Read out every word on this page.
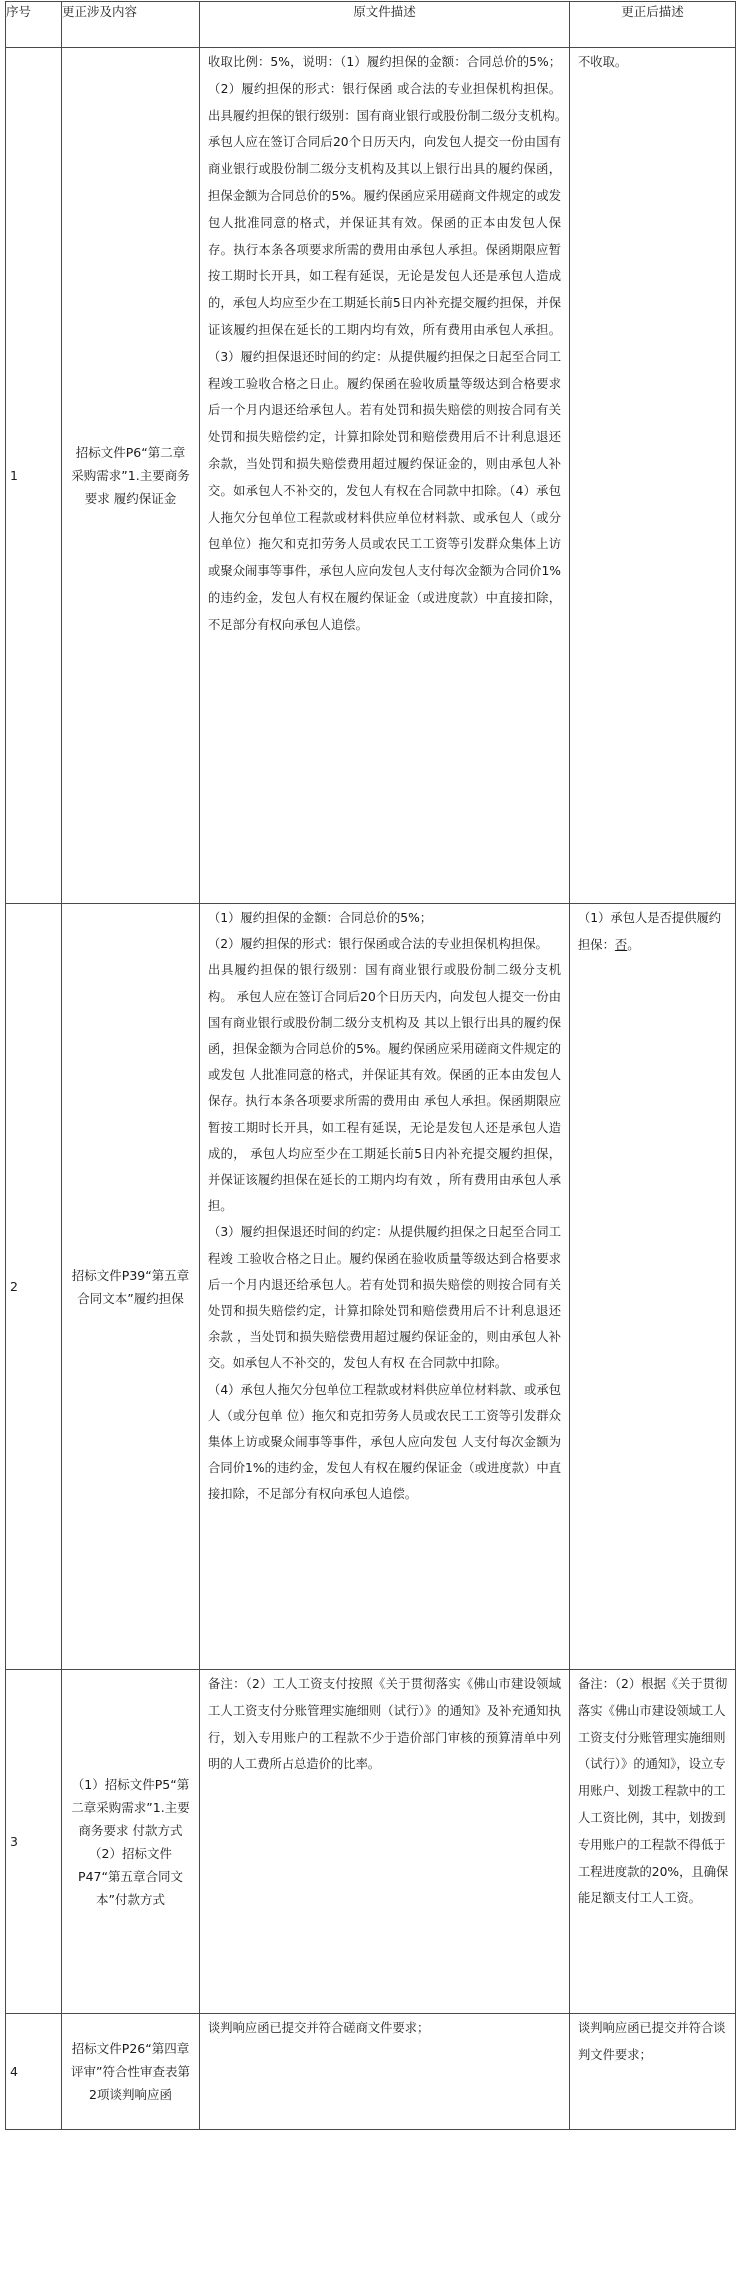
序号	更正涉及内容	原文件描述	更正后描述
1	招标文件P6“第二章采购需求”1.主要商务要求 履约保证金	收取比例：5%，说明：（1）履约担保的金额：合同总价的5%；（2）履约担保的形式：银行保函 或合法的专业担保机构担保。出具履约担保的银行级别：国有商业银行或股份制二级分支机构。　　承包人应在签订合同后20个日历天内，向发包人提交一份由国有商业银行或股份制二级分支机构及其以上银行出具的履约保函，担保金额为合同总价的5%。履约保函应采用磋商文件规定的或发包人批准同意的格式，并保证其有效。保函的正本由发包人保存。执行本条各项要求所需的费用由承包人承担。保函期限应暂按工期时长开具，如工程有延误，无论是发包人还是承包人造成的，承包人均应至少在工期延长前5日内补充提交履约担保，并保证该履约担保在延长的工期内均有效，所有费用由承包人承担。（3）履约担保退还时间的约定：从提供履约担保之日起至合同工程竣工验收合格之日止。履约保函在验收质量等级达到合格要求后一个月内退还给承包人。若有处罚和损失赔偿的则按合同有关处罚和损失赔偿约定，计算扣除处罚和赔偿费用后不计利息退还余款，当处罚和损失赔偿费用超过履约保证金的，则由承包人补交。如承包人不补交的，发包人有权在合同款中扣除。（4）承包人拖欠分包单位工程款或材料供应单位材料款、或承包人（或分包单位）拖欠和克扣劳务人员或农民工工资等引发群众集体上访或聚众闹事等事件，承包人应向发包人支付每次金额为合同价1%的违约金，发包人有权在履约保证金（或进度款）中直接扣除，不足部分有权向承包人追偿。	不收取。

2	招标文件P39“第五章合同文本”履约担保	（1）履约担保的金额：合同总价的5%；
（2）履约担保的形式：银行保函或合法的专业担保机构担保。
出具履约担保的银行级别：国有商业银行或股份制二级分支机构。 承包人应在签订合同后20个日历天内，向发包人提交一份由国有商业银行或股份制二级分支机构及 其以上银行出具的履约保函，担保金额为合同总价的5%。履约保函应采用磋商文件规定的或发包 人批准同意的格式，并保证其有效。保函的正本由发包人保存。执行本条各项要求所需的费用由 承包人承担。保函期限应暂按工期时长开具，如工程有延误，无论是发包人还是承包人造成的， 承包人均应至少在工期延长前5日内补充提交履约担保，并保证该履约担保在延长的工期内均有效 ，所有费用由承包人承担。
（3）履约担保退还时间的约定：从提供履约担保之日起至合同工程竣 工验收合格之日止。履约保函在验收质量等级达到合格要求后一个月内退还给承包人。若有处罚和损失赔偿的则按合同有关处罚和损失赔偿约定，计算扣除处罚和赔偿费用后不计利息退还余款 ，当处罚和损失赔偿费用超过履约保证金的，则由承包人补交。如承包人不补交的，发包人有权 在合同款中扣除。
（4）承包人拖欠分包单位工程款或材料供应单位材料款、或承包人（或分包单 位）拖欠和克扣劳务人员或农民工工资等引发群众集体上访或聚众闹事等事件，承包人应向发包 人支付每次金额为合同价1%的违约金，发包人有权在履约保证金（或进度款）中直接扣除，不足部分有权向承包人追偿。	（1）承包人是否提供履约担保：否。

3	（1）招标文件P5“第二章采购需求”1.主要商务要求 付款方式（2）招标文件P47“第五章合同文本”付款方式	备注：（2）工人工资支付按照《关于贯彻落实《佛山市建设领域工人工资支付分账管理实施细则（试行）》的通知》及补充通知执行，划入专用账户的工程款不少于造价部门审核的预算清单中列明的人工费所占总造价的比率。	备注：（2）根据《关于贯彻落实《佛山市建设领域工人工资支付分账管理实施细则（试行）》的通知》，设立专用账户、划拨工程款中的工人工资比例，其中，划拨到专用账户的工程款不得低于工程进度款的20%，且确保能足额支付工人工资。

4	招标文件P26“第四章评审”符合性审查表第2项谈判响应函	谈判响应函已提交并符合磋商文件要求；	谈判响应函已提交并符合谈判文件要求；
